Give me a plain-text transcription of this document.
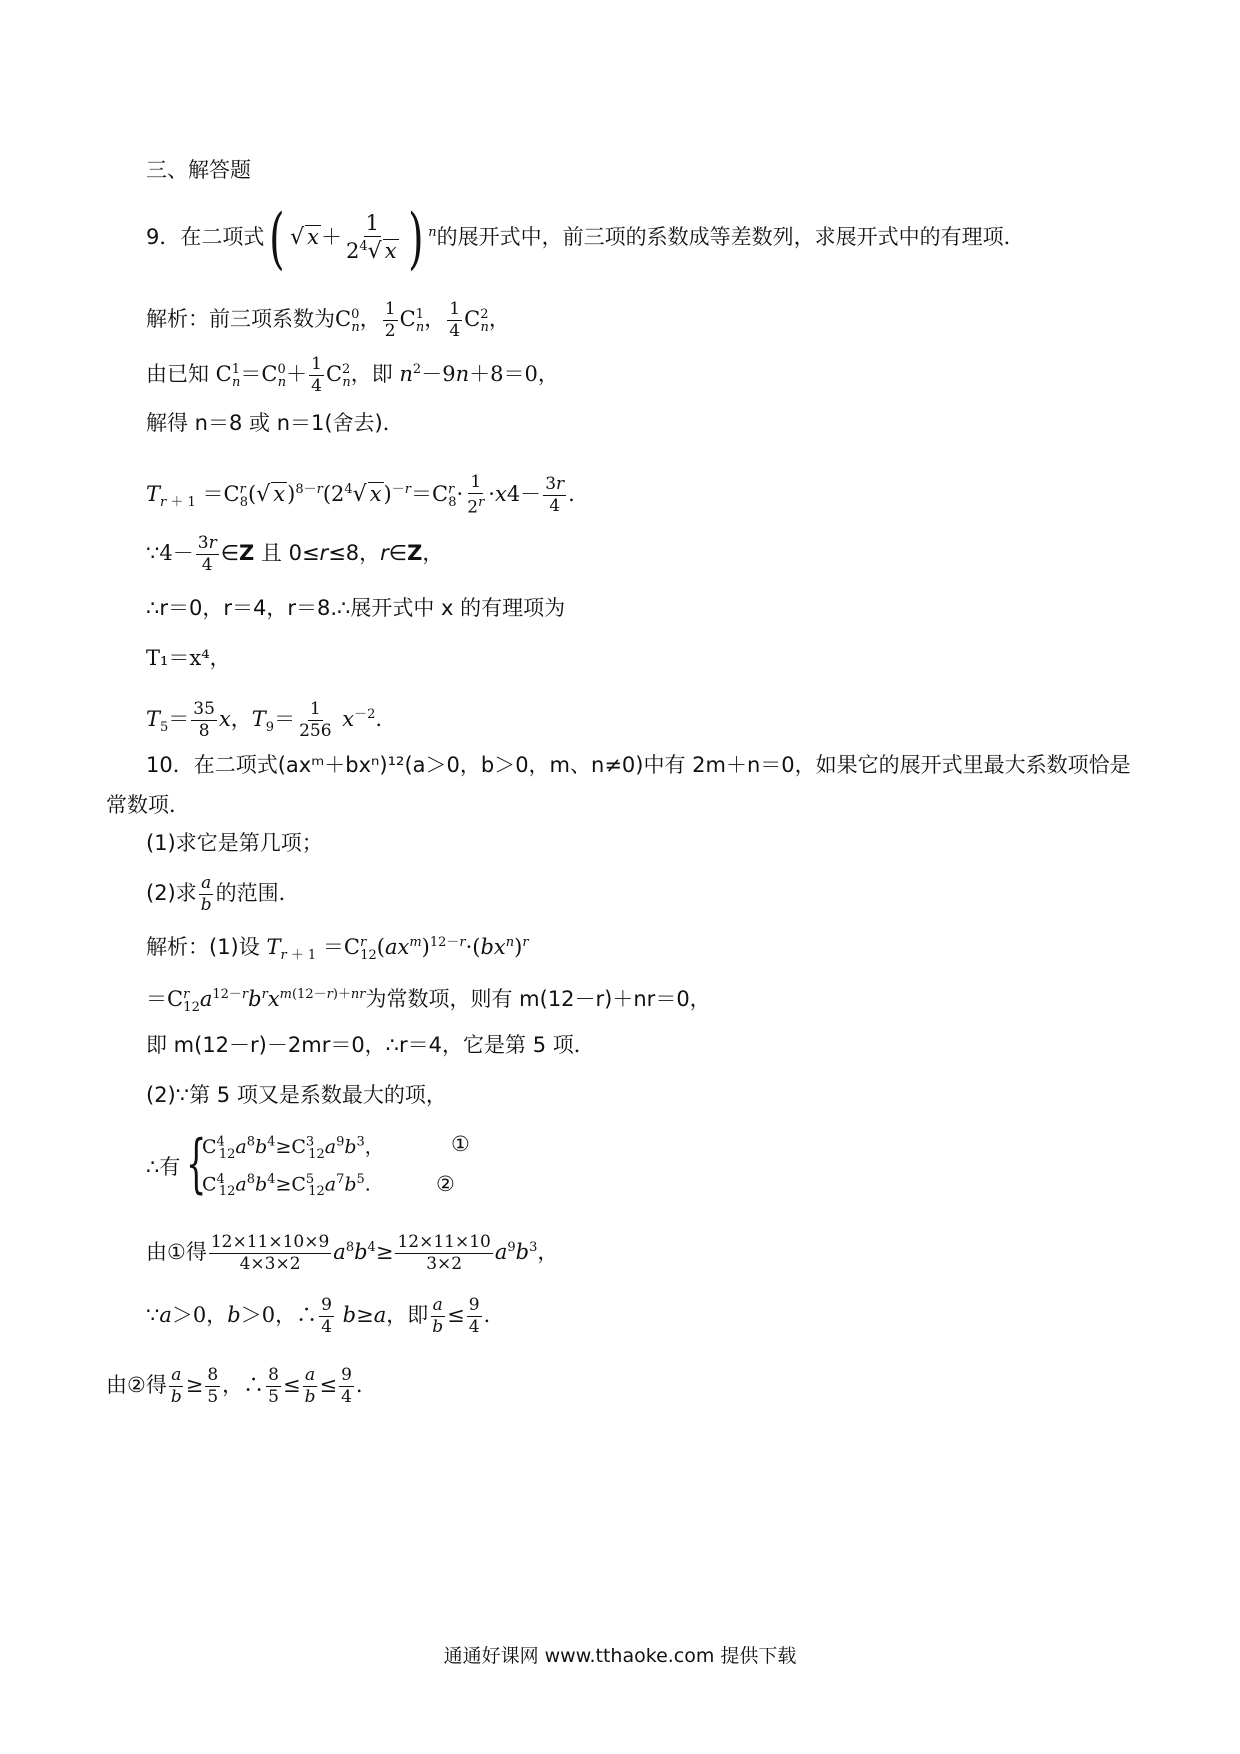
三、解答题
9．在二项式( √ $x+ \frac{1}{2^4√ x}$ ) $^n$的展开式中，前三项的系数成等差数列，求展开式中的有理项．
解析：前三项系数为$C^0_n$， $\frac{1}{2} C^1_n$， $\frac{1}{4} C^2_n$，
由已知 $C^1_n=C^0_n+ \frac{1}{4} C^2_n$，即 $n^2-9n+8=0$，
解得 n＝8 或 n＝1(舍去)．
$T_{r + 1} =C^r_8(√$ $x)^{8-r}(2^4√$ $x)^{-r}=C^r_8\cdot \frac{1}{2^r} \cdot x4- \frac{3r}{4}$ .
∵4－ $\frac{3r}{4}$ ∈Z 且 0≤r≤8，r∈Z，
∴r＝0，r＝4，r＝8.∴展开式中 x 的有理项为
T₁＝x⁴，
$T_5= \frac{35}{8}$ x，$T_9= \frac{1}{256} x^{-2}$.
10．在二项式(axᵐ＋bxⁿ)¹²(a＞0，b＞0，m、n≠0)中有 2m＋n＝0，如果它的展开式里最大系数项恰是
常数项．
(1)求它是第几项；
(2)求 $\frac{a}{b}$ 的范围．
解析：(1)设 $T_{r + 1} =C^r_{12}(ax^m)^{12-r}\cdot(bx^n)^r$
$=C^r_{12}a^{12-r}b^rx^{m(12-r)+nr}$为常数项，则有 m(12－r)＋nr＝0，
即 m(12－r)－2mr＝0，∴r＝4，它是第 5 项．
(2)∵第 5 项又是系数最大的项，
∴有 {
$C^4_{12}a^8b^4\ge C^3_{12}a^9b^3$，
$C^4_{12}a^8b^4\ge C^5_{12}a^7b^5$.
①
②
由①得 $\frac{12\times 11\times 10\times 9}{4\times 3\times 2} a^8b^4\ge \frac{12\times 11\times 10}{3\times 2} a^9b^3$，
∵a＞0，b＞0，∴ $\frac{9}{4} b\ge a$，即 $\frac{a}{b} \le \frac{9}{4}$ .
由②得 $\frac{a}{b} \ge \frac{8}{5}$ ，∴ $\frac{8}{5} \le \frac{a}{b} \le \frac{9}{4}$ .
通通好课网 www.tthaoke.com 提供下载
